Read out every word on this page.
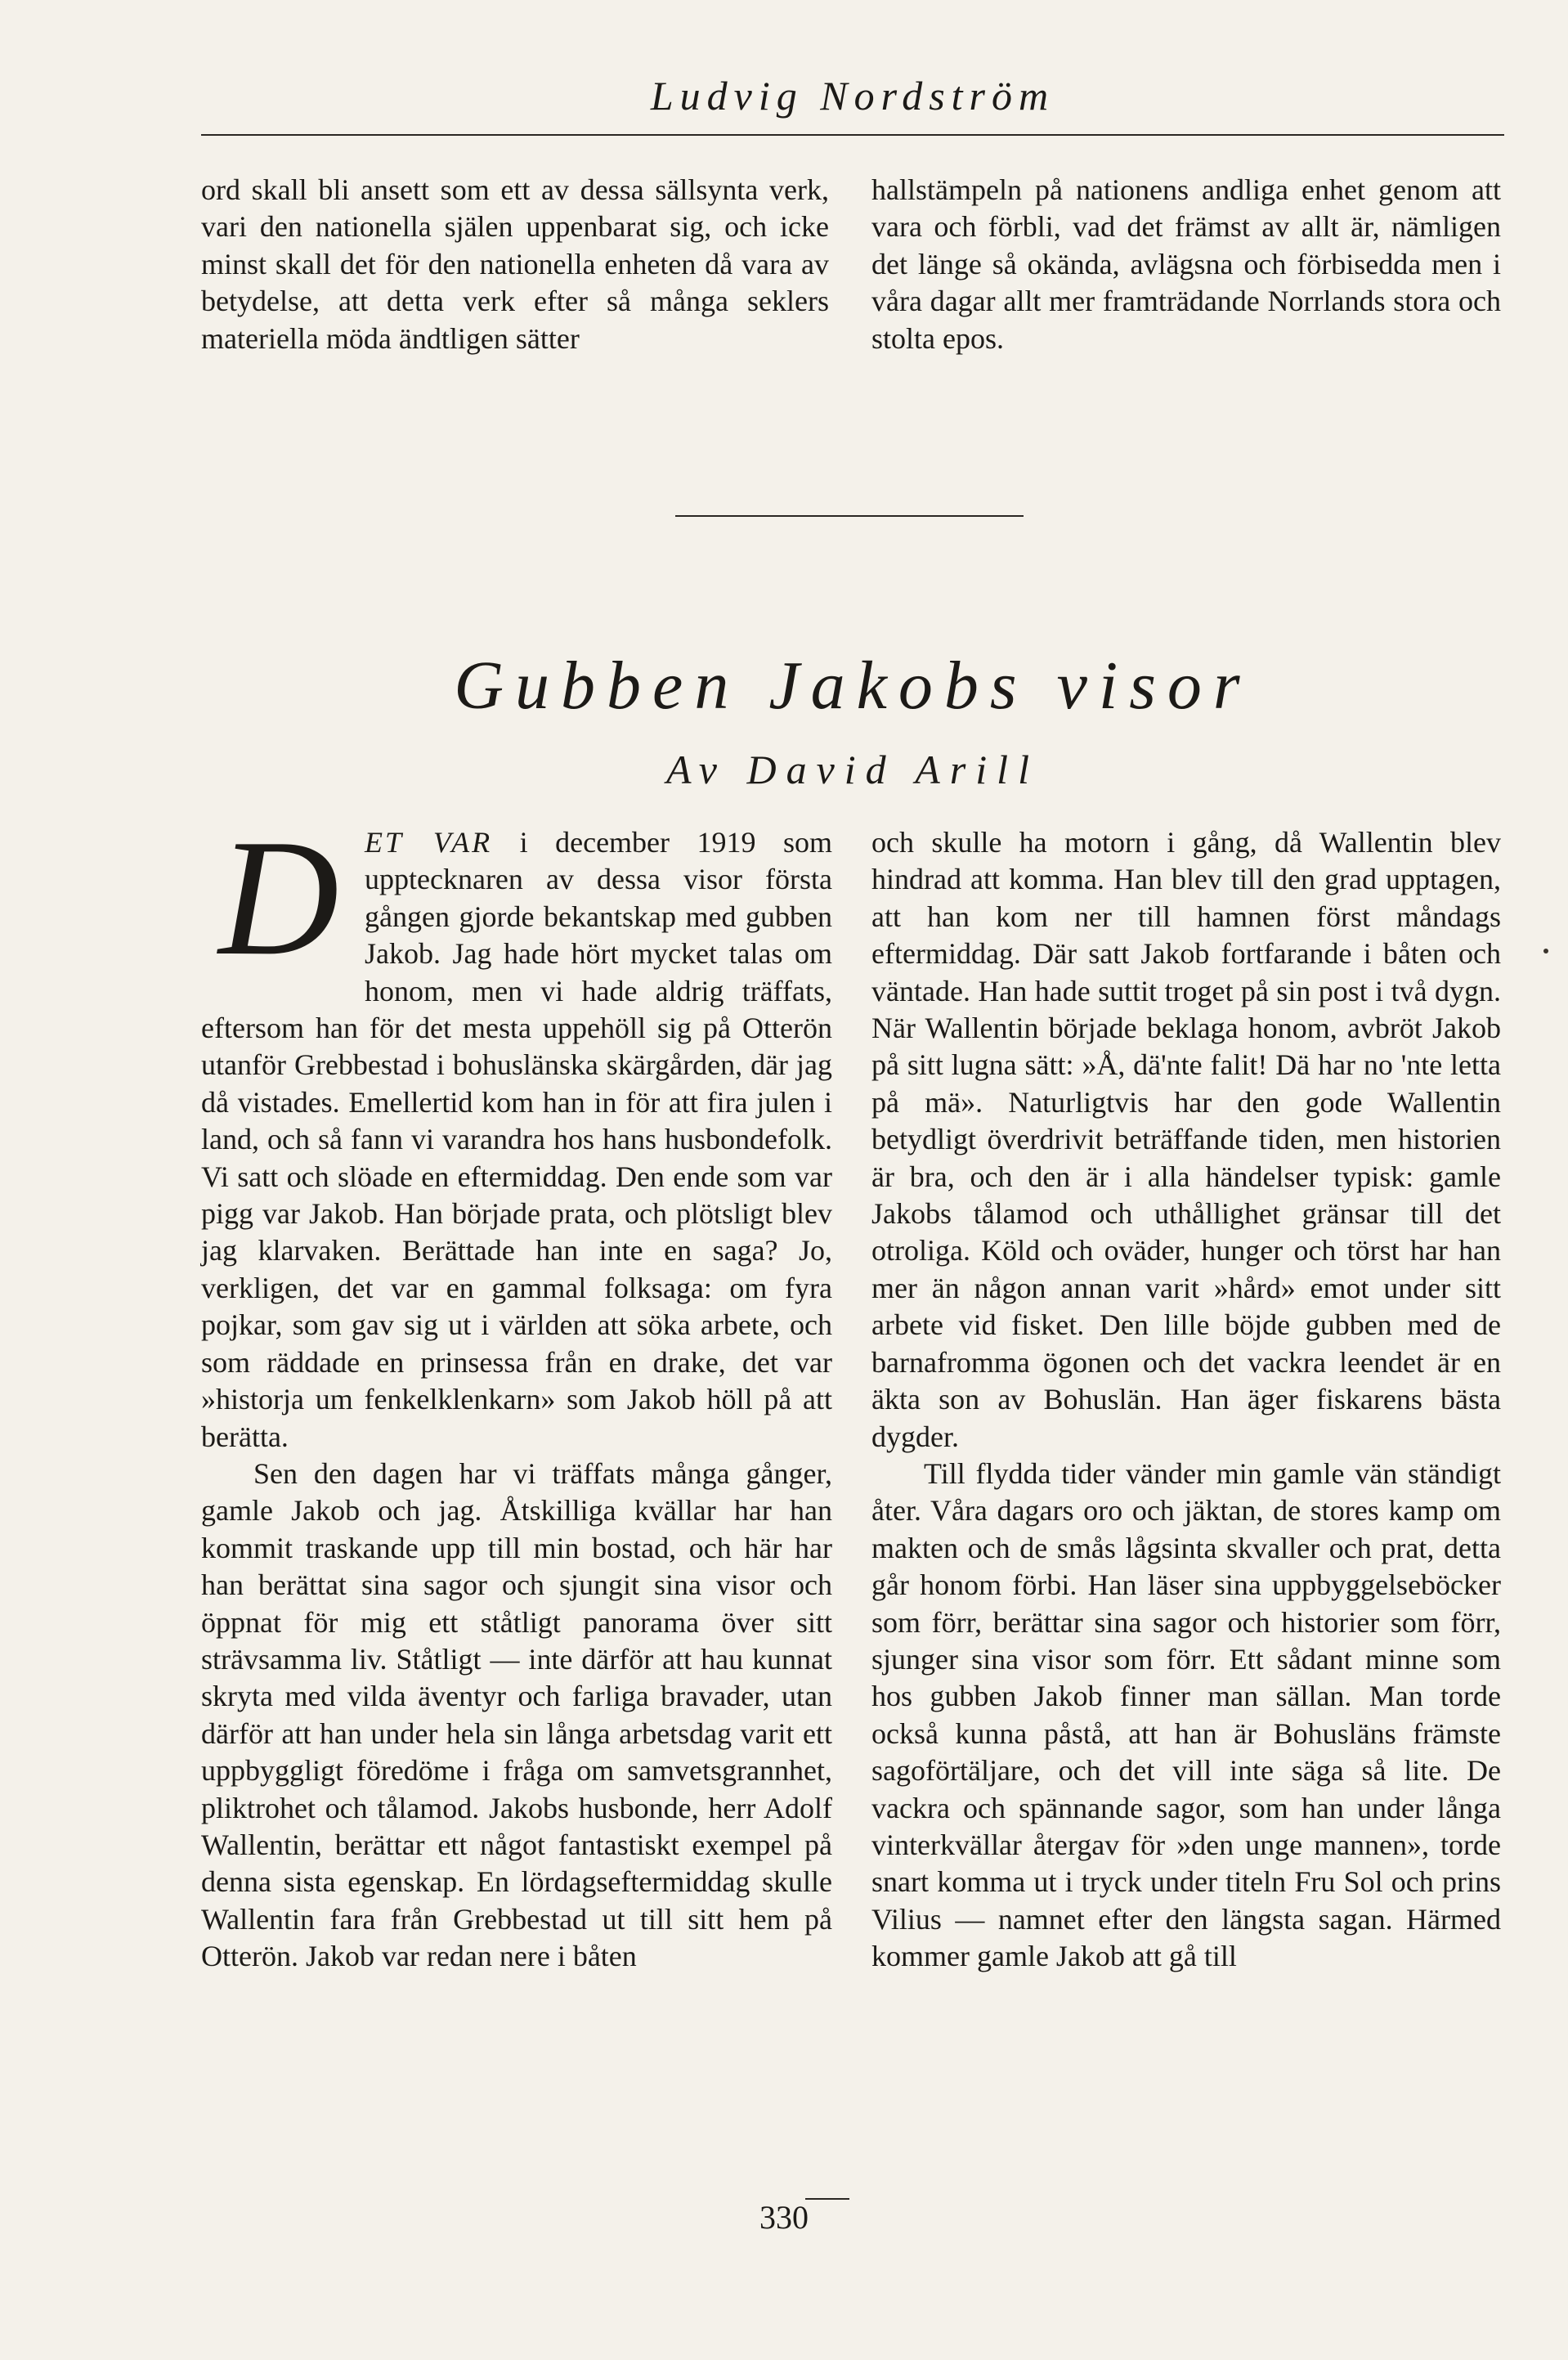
Ludvig Nordström

ord skall bli ansett som ett av dessa sällsynta verk, vari den nationella själen uppenbarat sig, och icke minst skall det för den nationella enheten då vara av betydelse, att detta verk efter så många seklers materiella möda ändtligen sätter

hallstämpeln på nationens andliga enhet genom att vara och förbli, vad det främst av allt är, nämligen det länge så okända, avlägsna och förbisedda men i våra dagar allt mer framträdande Norrlands stora och stolta epos.

Gubben Jakobs visor
Av David Arill

DET VAR i december 1919 som upptecknaren av dessa visor första gången gjorde bekantskap med gubben Jakob. Jag hade hört mycket talas om honom, men vi hade aldrig träffats, eftersom han för det mesta uppehöll sig på Otterön utanför Grebbestad i bohuslänska skärgården, där jag då vistades. Emellertid kom han in för att fira julen i land, och så fann vi varandra hos hans husbondefolk. Vi satt och slöade en eftermiddag. Den ende som var pigg var Jakob. Han började prata, och plötsligt blev jag klarvaken. Berättade han inte en saga? Jo, verkligen, det var en gammal folksaga: om fyra pojkar, som gav sig ut i världen att söka arbete, och som räddade en prinsessa från en drake, det var »historja um fenkelklenkarn» som Jakob höll på att berätta.

Sen den dagen har vi träffats många gånger, gamle Jakob och jag. Åtskilliga kvällar har han kommit traskande upp till min bostad, och här har han berättat sina sagor och sjungit sina visor och öppnat för mig ett ståtligt panorama över sitt strävsamma liv. Ståtligt — inte därför att hau kunnat skryta med vilda äventyr och farliga bravader, utan därför att han under hela sin långa arbetsdag varit ett uppbyggligt föredöme i fråga om samvetsgrannhet, pliktrohet och tålamod. Jakobs husbonde, herr Adolf Wallentin, berättar ett något fantastiskt exempel på denna sista egenskap. En lördagseftermiddag skulle Wallentin fara från Grebbestad ut till sitt hem på Otterön. Jakob var redan nere i båten

och skulle ha motorn i gång, då Wallentin blev hindrad att komma. Han blev till den grad upptagen, att han kom ner till hamnen först måndags eftermiddag. Där satt Jakob fortfarande i båten och väntade. Han hade suttit troget på sin post i två dygn. När Wallentin började beklaga honom, avbröt Jakob på sitt lugna sätt: »Å, dä'nte falit! Dä har no 'nte letta på mä». Naturligtvis har den gode Wallentin betydligt överdrivit beträffande tiden, men historien är bra, och den är i alla händelser typisk: gamle Jakobs tålamod och uthållighet gränsar till det otroliga. Köld och oväder, hunger och törst har han mer än någon annan varit »hård» emot under sitt arbete vid fisket. Den lille böjde gubben med de barnafromma ögonen och det vackra leendet är en äkta son av Bohuslän. Han äger fiskarens bästa dygder.

Till flydda tider vänder min gamle vän ständigt åter. Våra dagars oro och jäktan, de stores kamp om makten och de smås lågsinta skvaller och prat, detta går honom förbi. Han läser sina uppbyggelseböcker som förr, berättar sina sagor och historier som förr, sjunger sina visor som förr. Ett sådant minne som hos gubben Jakob finner man sällan. Man torde också kunna påstå, att han är Bohusläns främste sagoförtäljare, och det vill inte säga så lite. De vackra och spännande sagor, som han under långa vinterkvällar återgav för »den unge mannen», torde snart komma ut i tryck under titeln Fru Sol och prins Vilius — namnet efter den längsta sagan. Härmed kommer gamle Jakob att gå till

330
